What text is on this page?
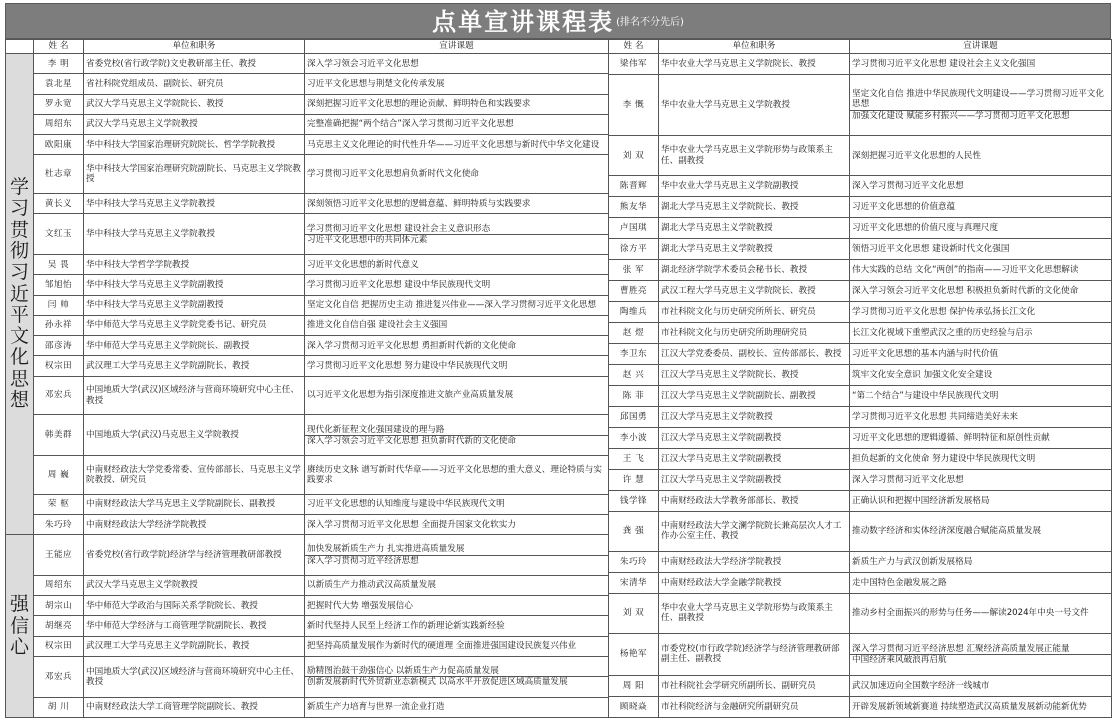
点单宣讲课程表 (排名不分先后)
	姓 名	单位和职务	宣讲课题
学习贯彻习近平文化思想	李 明	省委党校(省行政学院)文史教研部主任、教授	深入学习领会习近平文化思想

	袁北星	省社科院党组成员、副院长、研究员	习近平文化思想与荆楚文化传承发展

	罗永宽	武汉大学马克思主义学院院长、教授	深刻把握习近平文化思想的理论贡献、鲜明特色和实践要求

	周绍东	武汉大学马克思主义学院教授	完整准确把握“两个结合”深入学习贯彻习近平文化思想

	欧阳康	华中科技大学国家治理研究院院长、哲学学院教授	马克思主义文化理论的时代性升华——习近平文化思想与新时代中华文化建设

	杜志章	华中科技大学国家治理研究院副院长、马克思主义学院教授	学习贯彻习近平文化思想肩负新时代文化使命

	黄长义	华中科技大学马克思主义学院教授	深刻领悟习近平文化思想的逻辑意蕴、鲜明特质与实践要求

	文红玉	华中科技大学马克思主义学院教授	学习贯彻习近平文化思想 建设社会主义意识形态
习近平文化思想中的共同体元素

	吴 畏	华中科技大学哲学学院教授	习近平文化思想的新时代意义

	邹旭怡	华中科技大学马克思主义学院副教授	学习贯彻习近平文化思想 建设中华民族现代文明

	闫 帅	华中科技大学马克思主义学院副教授	坚定文化自信 把握历史主动 推进复兴伟业——深入学习贯彻习近平文化思想

	孙永祥	华中师范大学马克思主义学院党委书记、研究员	推进文化自信自强 建设社会主义强国

	邵彦涛	华中师范大学马克思主义学院院长、副教授	深入学习贯彻习近平文化思想 勇担新时代新的文化使命

	权宗田	武汉理工大学马克思主义学院副院长、教授	学习贯彻习近平文化思想 努力建设中华民族现代文明

	邓宏兵	中国地质大学(武汉)区域经济与营商环境研究中心主任、教授	以习近平文化思想为指引深度推进文旅产业高质量发展

	韩美群	中国地质大学(武汉)马克思主义学院教授	现代化新征程文化强国建设的理与路
深入学习领会习近平文化思想 担负新时代新的文化使命

	周 巍	中南财经政法大学党委常委、宣传部部长、马克思主义学院教授、研究员	赓续历史文脉 谱写新时代华章——习近平文化思想的重大意义、理论特质与实践要求

	荣 枢	中南财经政法大学马克思主义学院副院长、副教授	习近平文化思想的认知维度与建设中华民族现代文明

	朱巧玲	中南财经政法大学经济学院教授	深入学习贯彻习近平文化思想 全面提升国家文化软实力

强信心	王能应	省委党校(省行政学院)经济学与经济管理教研部教授	加快发展新质生产力 扎实推进高质量发展
深入学习贯彻习近平经济思想

	周绍东	武汉大学马克思主义学院教授	以新质生产力推动武汉高质量发展

	胡宗山	华中师范大学政治与国际关系学院院长、教授	把握时代大势 增强发展信心

	胡继亮	华中师范大学经济与工商管理学院副院长、教授	新时代坚持人民至上经济工作的新理论新实践新经验

	权宗田	武汉理工大学马克思主义学院副院长、教授	把坚持高质量发展作为新时代的硬道理 全面推进强国建设民族复兴伟业

	邓宏兵	中国地质大学(武汉)区域经济与营商环境研究中心主任、教授	励精图治鼓干劲强信心 以新质生产力促高质量发展
创新发展新时代外贸新业态新模式 以高水平开放促进区域高质量发展

	胡 川	中南财经政法大学工商管理学院副院长、教授	新质生产力培育与世界一流企业打造
姓 名	单位和职务	宣讲课题
梁伟军	华中农业大学马克思主义学院院长、教授	学习贯彻习近平文化思想 建设社会主义文化强国

李 慨	华中农业大学马克思主义学院教授	坚定文化自信 推进中华民族现代文明建设——学习贯彻习近平文化思想
加强文化建设 赋能乡村振兴——学习贯彻习近平文化思想

刘 双	华中农业大学马克思主义学院形势与政策系主任、副教授	深刻把握习近平文化思想的人民性

陈晋辉	华中农业大学马克思主义学院副教授	深入学习贯彻习近平文化思想

熊友华	湖北大学马克思主义学院院长、教授	习近平文化思想的价值意蕴

卢国琪	湖北大学马克思主义学院教授	习近平文化思想的价值尺度与真理尺度

徐方平	湖北大学马克思主义学院教授	领悟习近平文化思想 建设新时代文化强国

张 军	湖北经济学院学术委员会秘书长、教授	伟大实践的总结 文化“两创”的指南——习近平文化思想解读

曹胜亮	武汉工程大学马克思主义学院院长、教授	深入学习领会习近平文化思想 积极担负新时代新的文化使命

陶维兵	市社科院文化与历史研究所所长、研究员	学习贯彻习近平文化思想 保护传承弘扬长江文化

赵 煜	市社科院文化与历史研究所助理研究员	长江文化视域下重塑武汉之重的历史经验与启示

李卫东	江汉大学党委委员、副校长、宣传部部长、教授	习近平文化思想的基本内涵与时代价值

赵 兴	江汉大学马克思主义学院院长、教授	筑牢文化安全意识 加强文化安全建设

陈 菲	江汉大学马克思主义学院副院长、副教授	“第二个结合”与建设中华民族现代文明

邱国勇	江汉大学马克思主义学院教授	学习贯彻习近平文化思想 共同缔造美好未来

李小波	江汉大学马克思主义学院副教授	习近平文化思想的逻辑遵循、鲜明特征和原创性贡献

王 飞	江汉大学马克思主义学院副教授	担负起新的文化使命 努力建设中华民族现代文明

许 慧	江汉大学马克思主义学院副教授	深入学习贯彻习近平文化思想

钱学锋	中南财经政法大学教务部部长、教授	正确认识和把握中国经济新发展格局

龚 强	中南财经政法大学文澜学院院长兼高层次人才工作办公室主任、教授	推动数字经济和实体经济深度融合赋能高质量发展

朱巧玲	中南财经政法大学经济学院教授	新质生产力与武汉创新发展格局

宋清华	中南财经政法大学金融学院教授	走中国特色金融发展之路

刘 双	华中农业大学马克思主义学院形势与政策系主任、副教授	推动乡村全面振兴的形势与任务——解读2024年中央一号文件

杨艳军	市委党校(市行政学院)经济学与经济管理教研部副主任、副教授	深入学习贯彻习近平经济思想 汇聚经济高质量发展正能量
中国经济乘风破浪再启航

周 阳	市社科院社会学研究所副所长、副研究员	武汉加速迈向全国数字经济一线城市

顾晓焱	市社科院经济与金融研究所副研究员	开辟发展新领域新赛道 持续塑造武汉高质量发展新动能新优势
